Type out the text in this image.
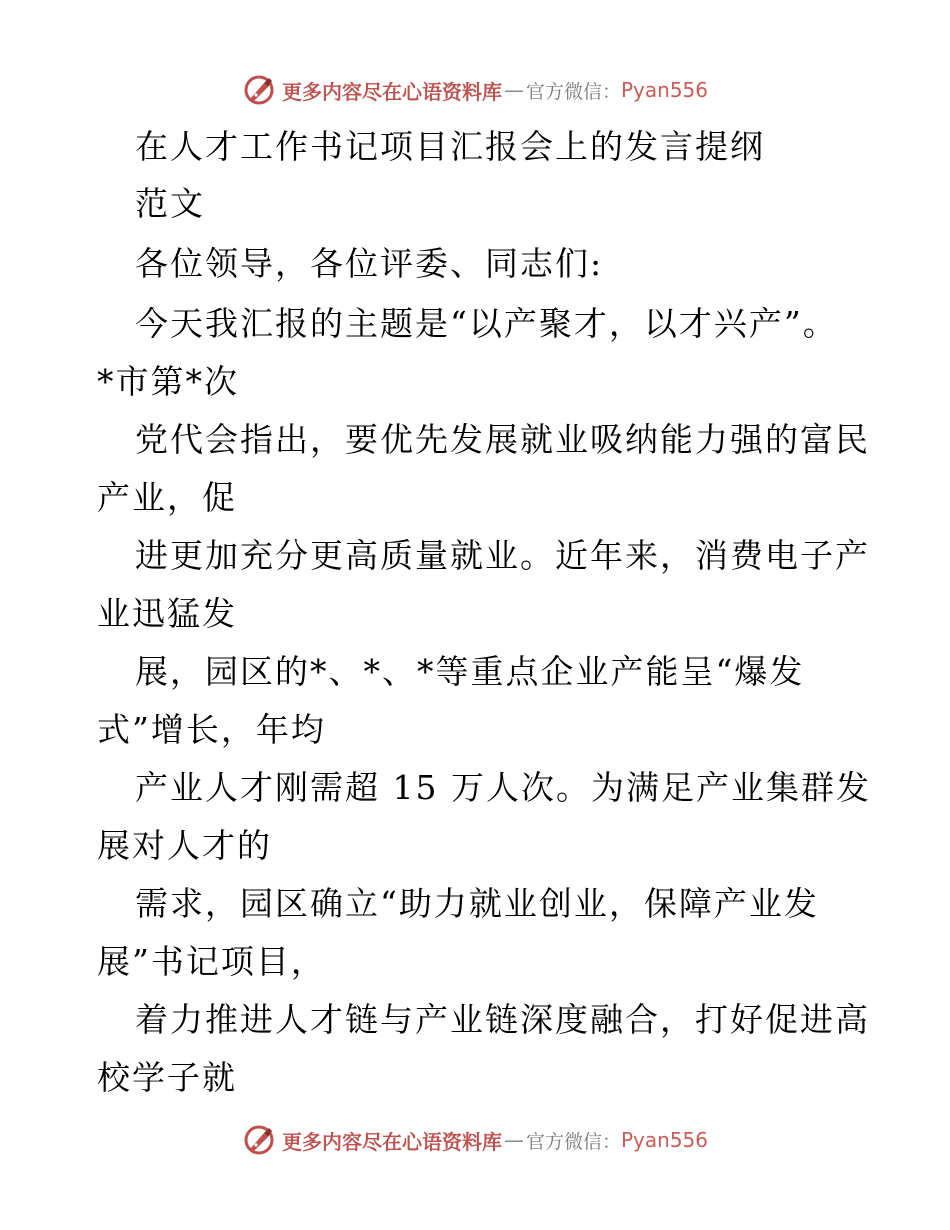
更多内容尽在心语资料库 — 官方微信： Pyan556
在人才工作书记项目汇报会上的发言提纲
范文
各位领导，各位评委、同志们:
今天我汇报的主题是“以产聚才，以才兴产”。
*市第*次
党代会指出，要优先发展就业吸纳能力强的富民
产业，促
进更加充分更高质量就业。近年来，消费电子产
业迅猛发
展，园区的*、*、*等重点企业产能呈“爆发
式”增长，年均
产业人才刚需超 15 万人次。为满足产业集群发
展对人才的
需求，园区确立“助力就业创业，保障产业发
展”书记项目，
着力推进人才链与产业链深度融合，打好促进高
校学子就
更多内容尽在心语资料库 — 官方微信： Pyan556
